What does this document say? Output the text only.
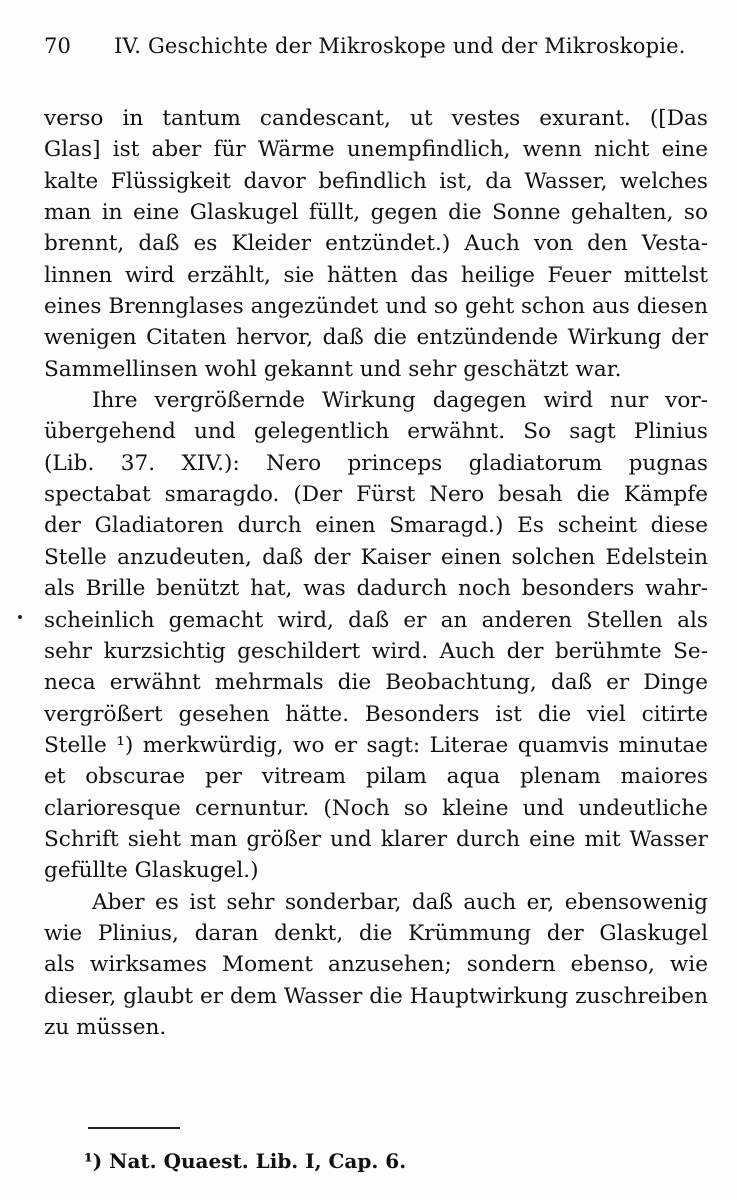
70 IV. Geschichte der Mikroskope und der Mikroskopie.
verso in tantum candescant, ut vestes exurant. ([Das
Glas] ist aber für Wärme unempfindlich, wenn nicht eine
kalte Flüssigkeit davor befindlich ist, da Wasser, welches
man in eine Glaskugel füllt, gegen die Sonne gehalten, so
brennt, daß es Kleider entzündet.) Auch von den Vesta-
linnen wird erzählt, sie hätten das heilige Feuer mittelst
eines Brennglases angezündet und so geht schon aus diesen
wenigen Citaten hervor, daß die entzündende Wirkung der
Sammellinsen wohl gekannt und sehr geschätzt war.
Ihre vergrößernde Wirkung dagegen wird nur vor-
übergehend und gelegentlich erwähnt. So sagt Plinius
(Lib. 37. XIV.): Nero princeps gladiatorum pugnas
spectabat smaragdo. (Der Fürst Nero besah die Kämpfe
der Gladiatoren durch einen Smaragd.) Es scheint diese
Stelle anzudeuten, daß der Kaiser einen solchen Edelstein
als Brille benützt hat, was dadurch noch besonders wahr-
scheinlich gemacht wird, daß er an anderen Stellen als
sehr kurzsichtig geschildert wird. Auch der berühmte Se-
neca erwähnt mehrmals die Beobachtung, daß er Dinge
vergrößert gesehen hätte. Besonders ist die viel citirte
Stelle ¹) merkwürdig, wo er sagt: Literae quamvis minutae
et obscurae per vitream pilam aqua plenam maiores
clarioresque cernuntur. (Noch so kleine und undeutliche
Schrift sieht man größer und klarer durch eine mit Wasser
gefüllte Glaskugel.)
Aber es ist sehr sonderbar, daß auch er, ebensowenig
wie Plinius, daran denkt, die Krümmung der Glaskugel
als wirksames Moment anzusehen; sondern ebenso, wie
dieser, glaubt er dem Wasser die Hauptwirkung zuschreiben
zu müssen.
¹) Nat. Quaest. Lib. I, Cap. 6.
